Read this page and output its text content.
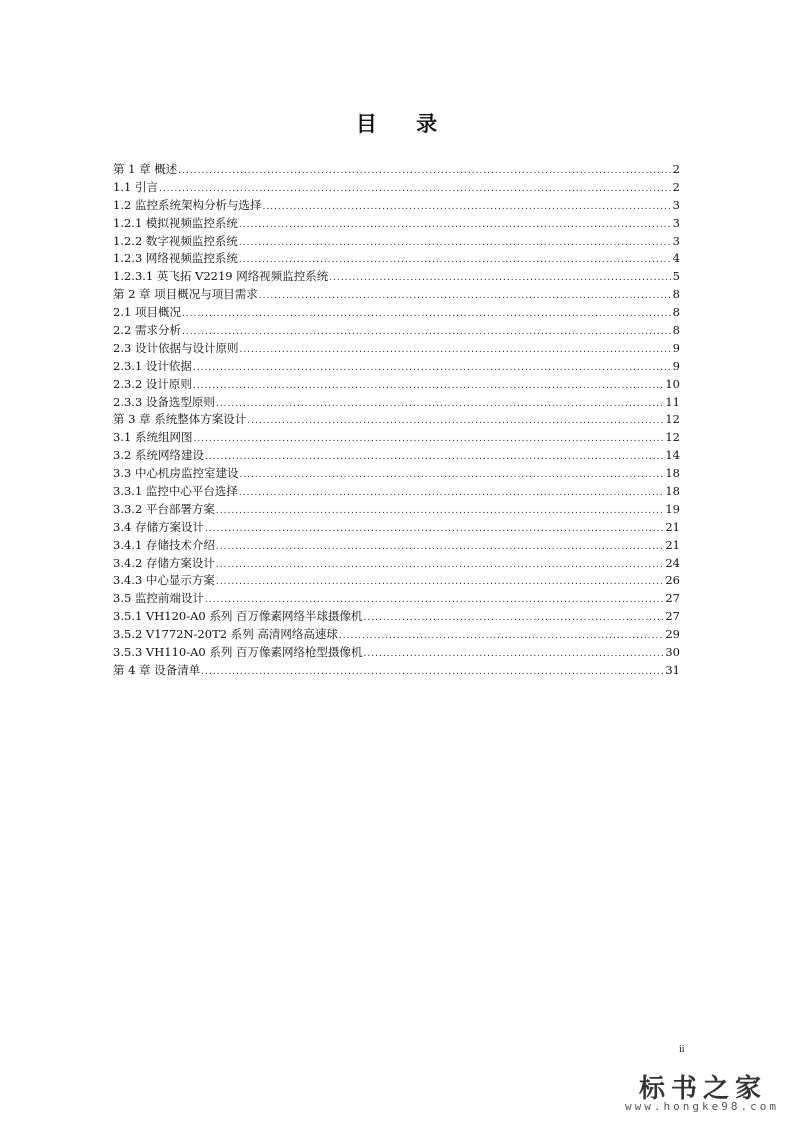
目 录
第 1 章 概述 .....	2
1.1 引言 .....	2
1.2 监控系统架构分析与选择 .....	3
1.2.1 模拟视频监控系统 .....	3
1.2.2 数字视频监控系统 .....	3
1.2.3 网络视频监控系统 .....	4
1.2.3.1 英飞拓 V2219 网络视频监控系统 .....	5
第 2 章 项目概况与项目需求 .....	8
2.1 项目概况 .....	8
2.2 需求分析 .....	8
2.3 设计依据与设计原则 .....	9
2.3.1 设计依据 .....	9
2.3.2 设计原则 .....	10
2.3.3 设备选型原则 .....	11
第 3 章 系统整体方案设计 .....	12
3.1 系统组网图 .....	12
3.2 系统网络建设 .....	14
3.3 中心机房监控室建设 .....	18
3.3.1 监控中心平台选择 .....	18
3.3.2 平台部署方案 .....	19
3.4 存储方案设计 .....	21
3.4.1 存储技术介绍 .....	21
3.4.2 存储方案设计 .....	24
3.4.3 中心显示方案 .....	26
3.5 监控前端设计 .....	27
3.5.1 VH120-A0 系列 百万像素网络半球摄像机 .....	27
3.5.2 V1772N-20T2 系列 高清网络高速球 .....	29
3.5.3 VH110-A0 系列 百万像素网络枪型摄像机 .....	30
第 4 章 设备清单 .....	31
ii
标书之家
www.hongke98.com
